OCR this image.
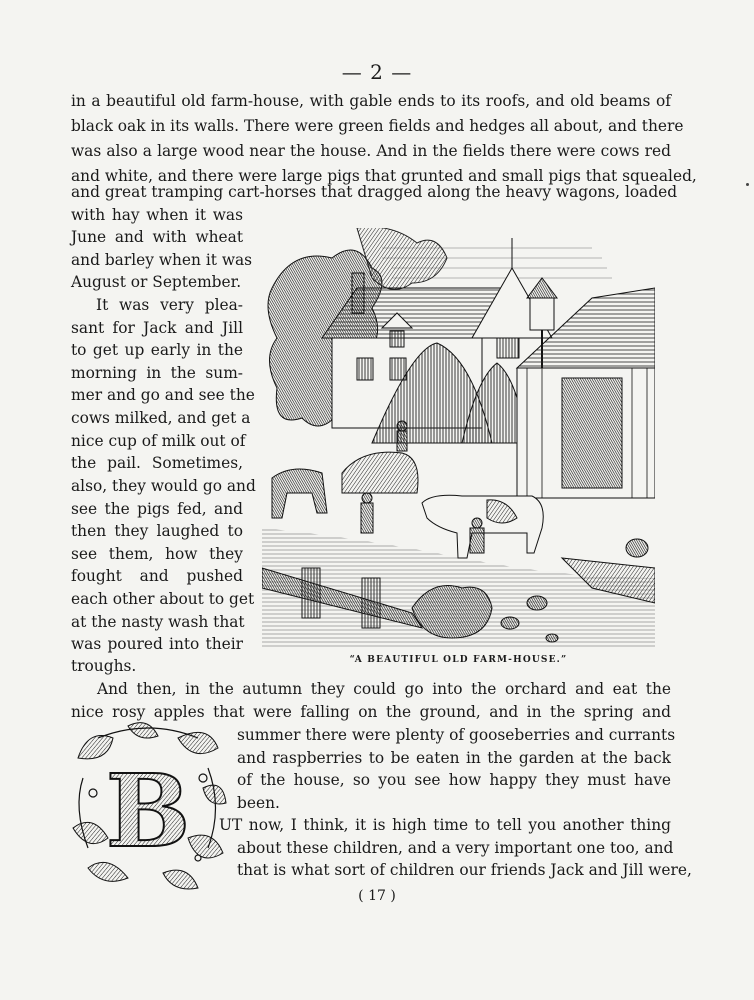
— 2 —
in a beautiful old farm-house, with gable ends to its roofs, and old beams of
black oak in its walls. There were green fields and hedges all about, and there
was also a large wood near the house. And in the fields there were cows red
and white, and there were large pigs that grunted and small pigs that squealed,
and great tramping cart-horses that dragged along the heavy wagons, loaded
with hay when it was
June and with wheat
and barley when it was
August or September.
It was very plea-
sant for Jack and Jill
to get up early in the
morning in the sum-
mer and go and see the
cows milked, and get a
nice cup of milk out of
the pail. Sometimes,
also, they would go and
see the pigs fed, and
then they laughed to
see them, how they
fought and pushed
each other about to get
at the nasty wash that
was poured into their
troughs.	“A BEAUTIFUL OLD FARM-HOUSE.”
And then, in the autumn they could go into the orchard and eat the
nice rosy apples that were falling on the ground, and in the spring and
B
summer there were plenty of gooseberries and currants
and raspberries to be eaten in the garden at the back
of the house, so you see how happy they must have
been.
UT now, I think, it is high time to tell you another thing
about these children, and a very important one too, and
that is what sort of children our friends Jack and Jill were,
( 17 )
